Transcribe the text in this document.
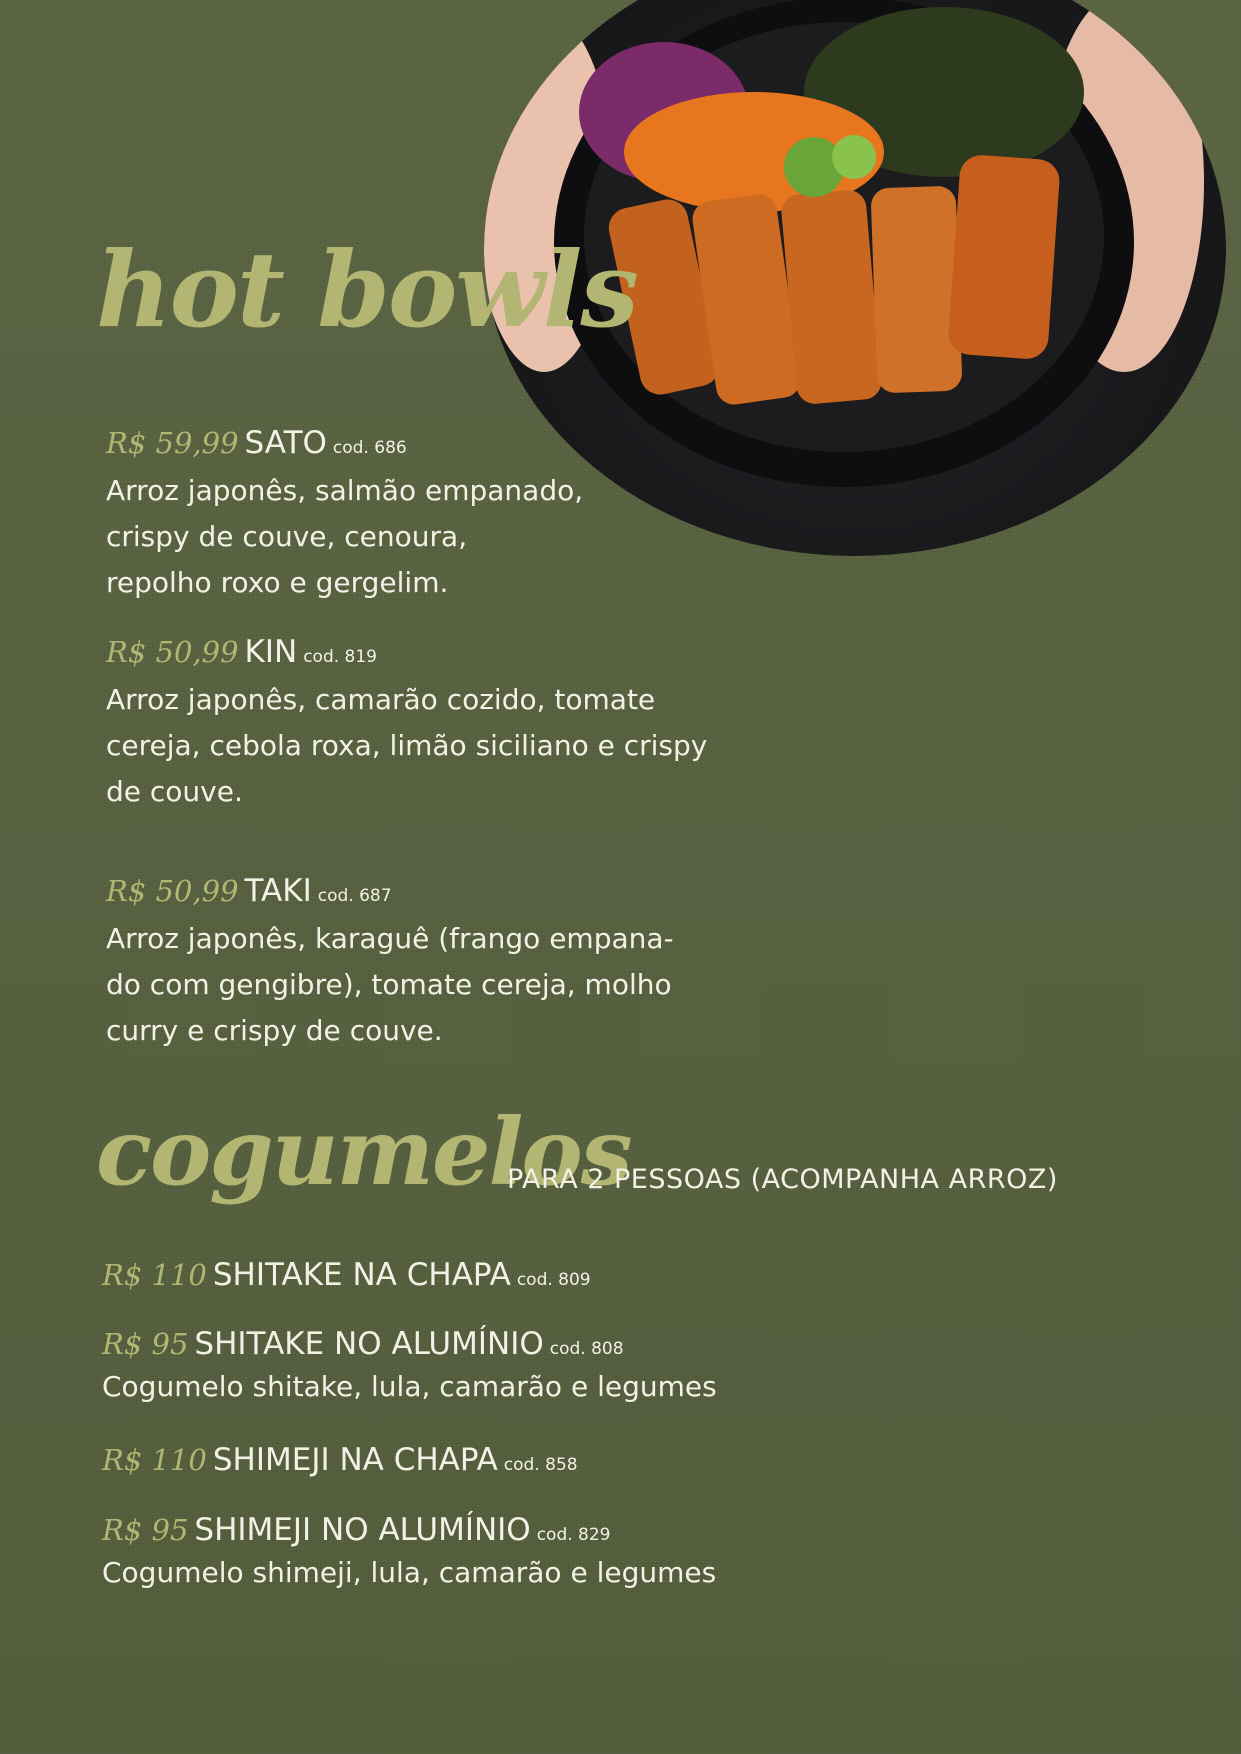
hot bowls
R$ 59,99 SATO cod. 686
Arroz japonês, salmão empanado,
crispy de couve, cenoura,
repolho roxo e gergelim.
R$ 50,99 KIN cod. 819
Arroz japonês, camarão cozido, tomate
cereja, cebola roxa, limão siciliano e crispy
de couve.
R$ 50,99 TAKI cod. 687
Arroz japonês, karaguê (frango empana-
do com gengibre), tomate cereja, molho
curry e crispy de couve.
cogumelos
PARA 2 PESSOAS (ACOMPANHA ARROZ)
R$ 110 SHITAKE NA CHAPA cod. 809
R$ 95 SHITAKE NO ALUMÍNIO cod. 808
Cogumelo shitake, lula, camarão e legumes
R$ 110 SHIMEJI NA CHAPA cod. 858
R$ 95 SHIMEJI NO ALUMÍNIO cod. 829
Cogumelo shimeji, lula, camarão e legumes
